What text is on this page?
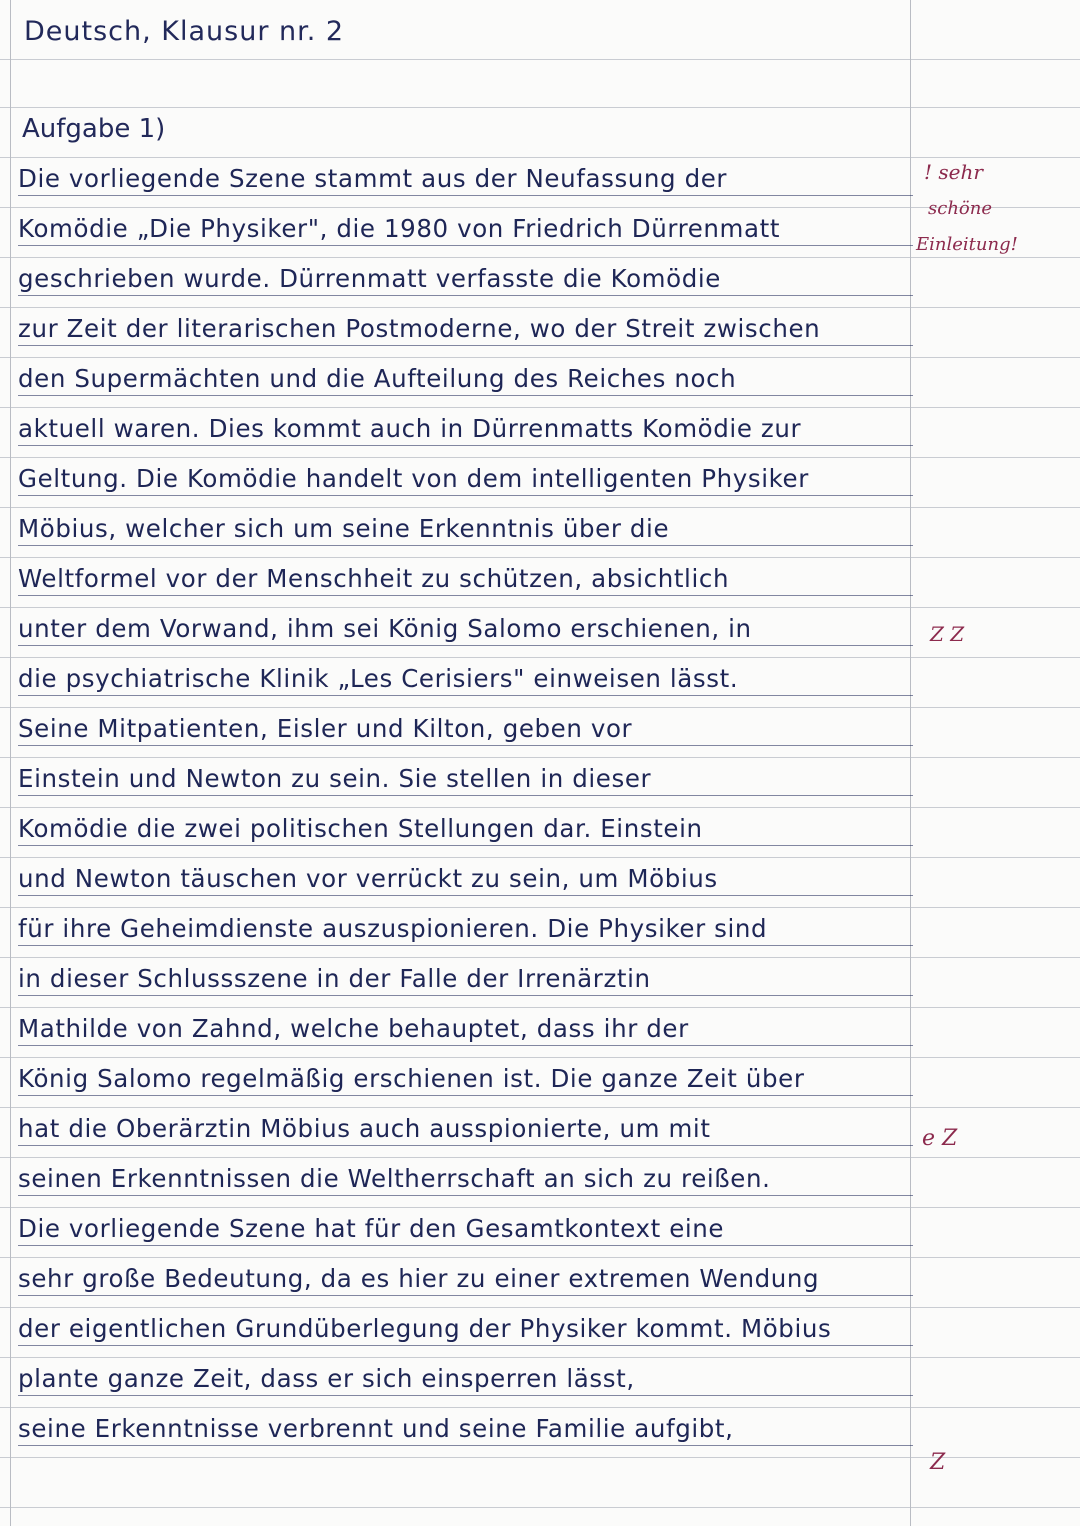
Deutsch, Klausur nr. 2
Aufgabe 1)
Die vorliegende Szene stammt aus der Neufassung der
Komödie „Die Physiker", die 1980 von Friedrich Dürrenmatt
geschrieben wurde. Dürrenmatt verfasste die Komödie
zur Zeit der literarischen Postmoderne, wo der Streit zwischen
den Supermächten und die Aufteilung des Reiches noch
aktuell waren. Dies kommt auch in Dürrenmatts Komödie zur
Geltung. Die Komödie handelt von dem intelligenten Physiker
Möbius, welcher sich um seine Erkenntnis über die
Weltformel vor der Menschheit zu schützen, absichtlich
unter dem Vorwand, ihm sei König Salomo erschienen, in
die psychiatrische Klinik „Les Cerisiers" einweisen lässt.
Seine Mitpatienten, Eisler und Kilton, geben vor
Einstein und Newton zu sein. Sie stellen in dieser
Komödie die zwei politischen Stellungen dar. Einstein
und Newton täuschen vor verrückt zu sein, um Möbius
für ihre Geheimdienste auszuspionieren. Die Physiker sind
in dieser Schlussszene in der Falle der Irrenärztin
Mathilde von Zahnd, welche behauptet, dass ihr der
König Salomo regelmäßig erschienen ist. Die ganze Zeit über
hat die Oberärztin Möbius auch ausspionierte, um mit
seinen Erkenntnissen die Weltherrschaft an sich zu reißen.
Die vorliegende Szene hat für den Gesamtkontext eine
sehr große Bedeutung, da es hier zu einer extremen Wendung
der eigentlichen Grundüberlegung der Physiker kommt. Möbius
plante ganze Zeit, dass er sich einsperren lässt,
seine Erkenntnisse verbrennt und seine Familie aufgibt,
! sehr
schöne
Einleitung!
Z Z
e Z
Z
